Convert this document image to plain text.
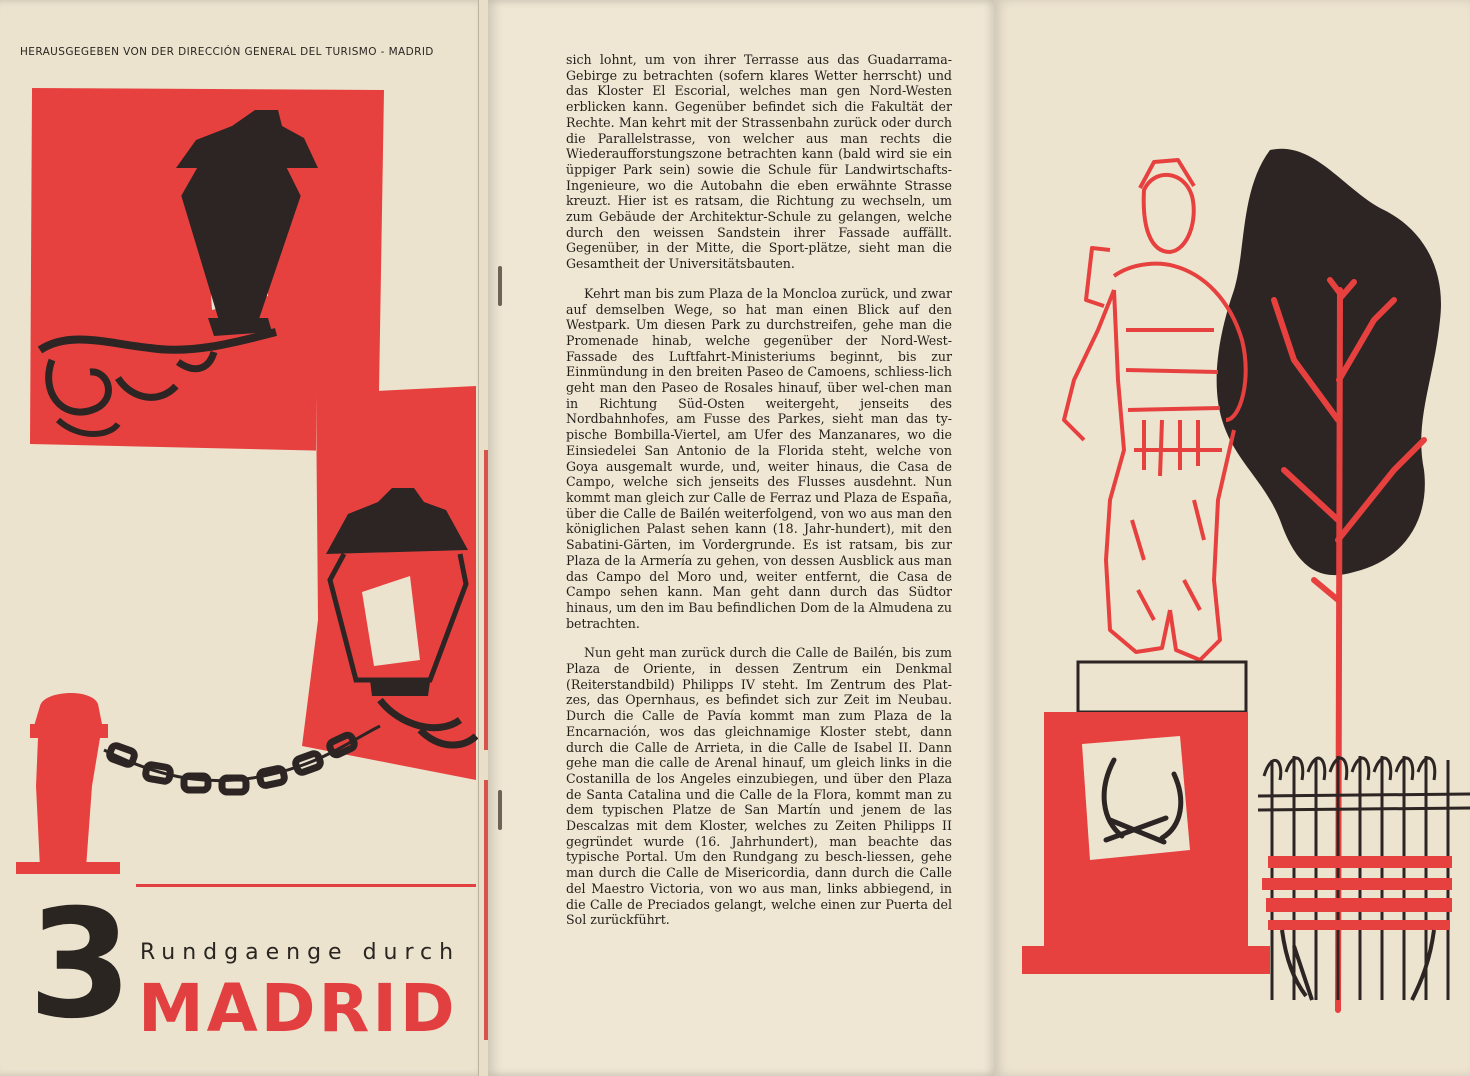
HERAUSGEGEBEN VON DER DIRECCIÓN GENERAL DEL TURISMO - MADRID
3 Rundgaenge durch
MADRID

sich lohnt, um von ihrer Terrasse aus das Guadarrama-Gebirge zu betrachten (sofern klares Wetter herrscht) und das Kloster El Escorial, welches man gen Nord-Westen erblicken kann. Gegenüber befindet sich die Fakultät der Rechte. Man kehrt mit der Strassenbahn zurück oder durch die Parallelstrasse, von welcher aus man rechts die Wiederaufforstungszone betrachten kann (bald wird sie ein üppiger Park sein) sowie die Schule für Landwirtschafts-Ingenieure, wo die Autobahn die eben erwähnte Strasse kreuzt. Hier ist es ratsam, die Richtung zu wechseln, um zum Gebäude der Architektur-Schule zu gelangen, welche durch den weissen Sandstein ihrer Fassade auffällt. Gegenüber, in der Mitte, die Sport-plätze, sieht man die Gesamtheit der Universitätsbauten.

Kehrt man bis zum Plaza de la Moncloa zurück, und zwar auf demselben Wege, so hat man einen Blick auf den Westpark. Um diesen Park zu durchstreifen, gehe man die Promenade hinab, welche gegenüber der Nord-West-Fassade des Luftfahrt-Ministeriums beginnt, bis zur Einmündung in den breiten Paseo de Camoens, schliess-lich geht man den Paseo de Rosales hinauf, über wel-chen man in Richtung Süd-Osten weitergeht, jenseits des Nordbahnhofes, am Fusse des Parkes, sieht man das ty-pische Bombilla-Viertel, am Ufer des Manzanares, wo die Einsiedelei San Antonio de la Florida steht, welche von Goya ausgemalt wurde, und, weiter hinaus, die Casa de Campo, welche sich jenseits des Flusses ausdehnt. Nun kommt man gleich zur Calle de Ferraz und Plaza de España, über die Calle de Bailén weiterfolgend, von wo aus man den königlichen Palast sehen kann (18. Jahr-hundert), mit den Sabatini-Gärten, im Vordergrunde. Es ist ratsam, bis zur Plaza de la Armería zu gehen, von dessen Ausblick aus man das Campo del Moro und, weiter entfernt, die Casa de Campo sehen kann. Man geht dann durch das Südtor hinaus, um den im Bau befindlichen Dom de la Almudena zu betrachten.

Nun geht man zurück durch die Calle de Bailén, bis zum Plaza de Oriente, in dessen Zentrum ein Denkmal (Reiterstandbild) Philipps IV steht. Im Zentrum des Plat-zes, das Opernhaus, es befindet sich zur Zeit im Neubau. Durch die Calle de Pavía kommt man zum Plaza de la Encarnación, wos das gleichnamige Kloster stebt, dann durch die Calle de Arrieta, in die Calle de Isabel II. Dann gehe man die calle de Arenal hinauf, um gleich links in die Costanilla de los Angeles einzubiegen, und über den Plaza de Santa Catalina und die Calle de la Flora, kommt man zu dem typischen Platze de San Martín und jenem de las Descalzas mit dem Kloster, welches zu Zeiten Philipps II gegründet wurde (16. Jahrhundert), man beachte das typische Portal. Um den Rundgang zu besch-liessen, gehe man durch die Calle de Misericordia, dann durch die Calle del Maestro Victoria, von wo aus man, links abbiegend, in die Calle de Preciados gelangt, welche einen zur Puerta del Sol zurückführt.
